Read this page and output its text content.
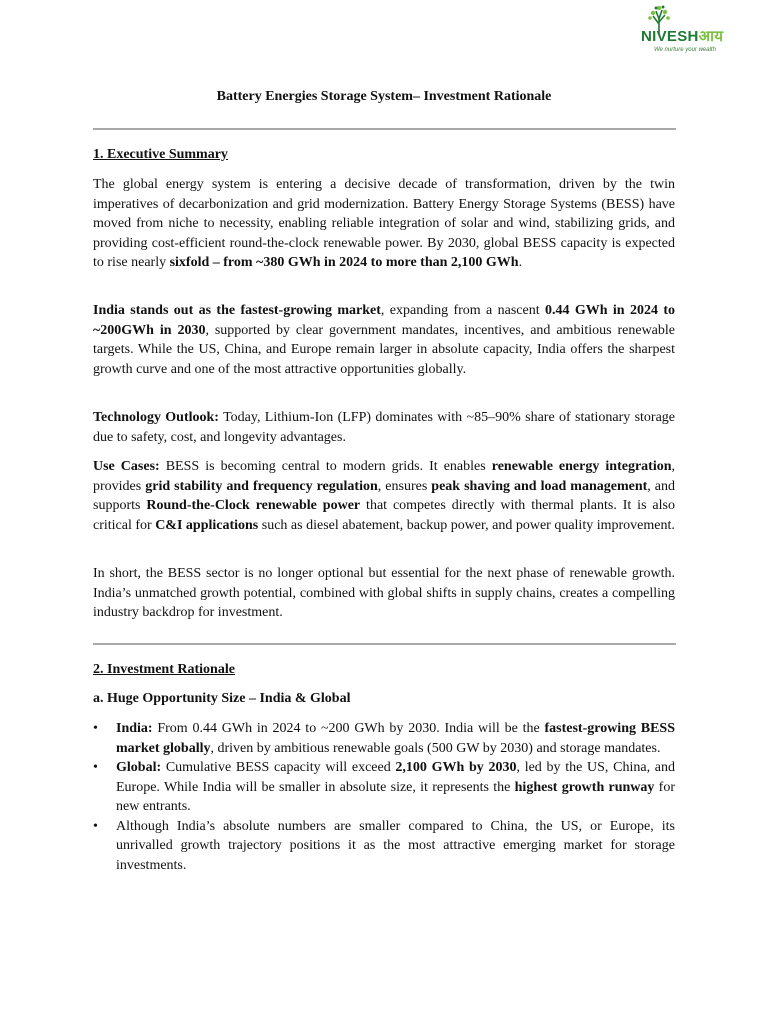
NIVESHआय
We nurture your wealth
Battery Energies Storage System– Investment Rationale
1. Executive Summary

The global energy system is entering a decisive decade of transformation, driven by the twin imperatives of decarbonization and grid modernization. Battery Energy Storage Systems (BESS) have moved from niche to necessity, enabling reliable integration of solar and wind, stabilizing grids, and providing cost-efficient round-the-clock renewable power. By 2030, global BESS capacity is expected to rise nearly sixfold – from ~380 GWh in 2024 to more than 2,100 GWh.

India stands out as the fastest-growing market, expanding from a nascent 0.44 GWh in 2024 to ~200GWh in 2030, supported by clear government mandates, incentives, and ambitious renewable targets. While the US, China, and Europe remain larger in absolute capacity, India offers the sharpest growth curve and one of the most attractive opportunities globally.

Technology Outlook: Today, Lithium-Ion (LFP) dominates with ~85–90% share of stationary storage due to safety, cost, and longevity advantages.

Use Cases: BESS is becoming central to modern grids. It enables renewable energy integration, provides grid stability and frequency regulation, ensures peak shaving and load management, and supports Round-the-Clock renewable power that competes directly with thermal plants. It is also critical for C&I applications such as diesel abatement, backup power, and power quality improvement.

In short, the BESS sector is no longer optional but essential for the next phase of renewable growth. India’s unmatched growth potential, combined with global shifts in supply chains, creates a compelling industry backdrop for investment.

2. Investment Rationale
a. Huge Opportunity Size – India & Global
• India: From 0.44 GWh in 2024 to ~200 GWh by 2030. India will be the fastest-growing BESS market globally, driven by ambitious renewable goals (500 GW by 2030) and storage mandates.
• Global: Cumulative BESS capacity will exceed 2,100 GWh by 2030, led by the US, China, and Europe. While India will be smaller in absolute size, it represents the highest growth runway for new entrants.
• Although India’s absolute numbers are smaller compared to China, the US, or Europe, its unrivalled growth trajectory positions it as the most attractive emerging market for storage investments.
